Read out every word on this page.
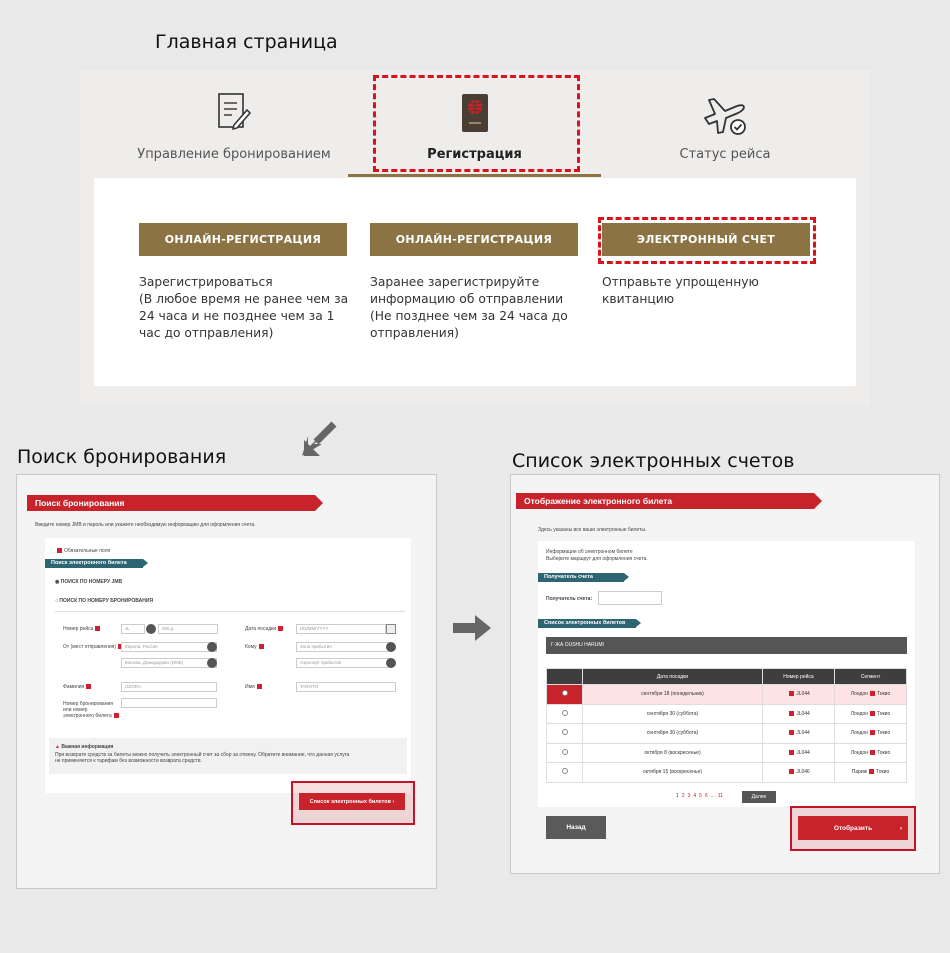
Главная страница
Поиск бронирования	Список электронных счетов
Управление бронированием	Регистрация	Статус рейса
ОНЛАЙН-РЕГИСТРАЦИЯ
Зарегистрироваться
(В любое время не ранее чем за 24 часа и не позднее чем за 1 час до отправления)
ОНЛАЙН-РЕГИСТРАЦИЯ
Заранее зарегистрируйте информацию об отправлении
(Не позднее чем за 24 часа до отправления)
ЭЛЕКТРОННЫЙ СЧЕТ
Отправьте упрощенную квитанцию
Поиск бронирования
Введите номер JMB и пароль или укажите необходимую информацию для оформления счета.
Обязательные поля
Поиск электронного билета
◉ ПОИСК ПО НОМЕРУ JMB
○ ПОИСК ПО НОМЕРУ БРОНИРОВАНИЯ
Номер рейса	JL	000 д	Дата посадки	DD/MM/YYYY
От (мест отправления)	Европа, Россия
Москва, Домодедово (DME)
Кому	Зона прибытия
Аэропорт прибытия
Фамилия	OZORA	Имя	TAROTO
Номер бронирования или номер электронного билета
▲ Важная информация
При возврате средств за билеты можно получить электронный счет за сбор за отмену. Обратите внимание, что данная услуга не применяется к тарифам без возможности возврата средств.
Список электронных билетов ›
Отображение электронного билета
Здесь указаны все ваши электронные билеты.
Информация об электронном билете
Выберите маршрут для оформления счета.
Получатель счета
Получатель счета:
Список электронных билетов
Г-ЖА OUSHU HARUMI
	Дата посадки	Номер рейса	Сегмент
	сентября 18 (понедельник)	JL044	Лондон Токио
	сентября 30 (суббота)	JL044	Лондон Токио
	сентября 30 (суббота)	JL044	Лондон Токио
	октября 8 (воскресенье)	JL044	Лондон Токио
	октября 15 (воскресенье)	JL046	Париж Токио
1 2 3 4 5 6 ... 11	Далее
Назад	Отобразить	›
